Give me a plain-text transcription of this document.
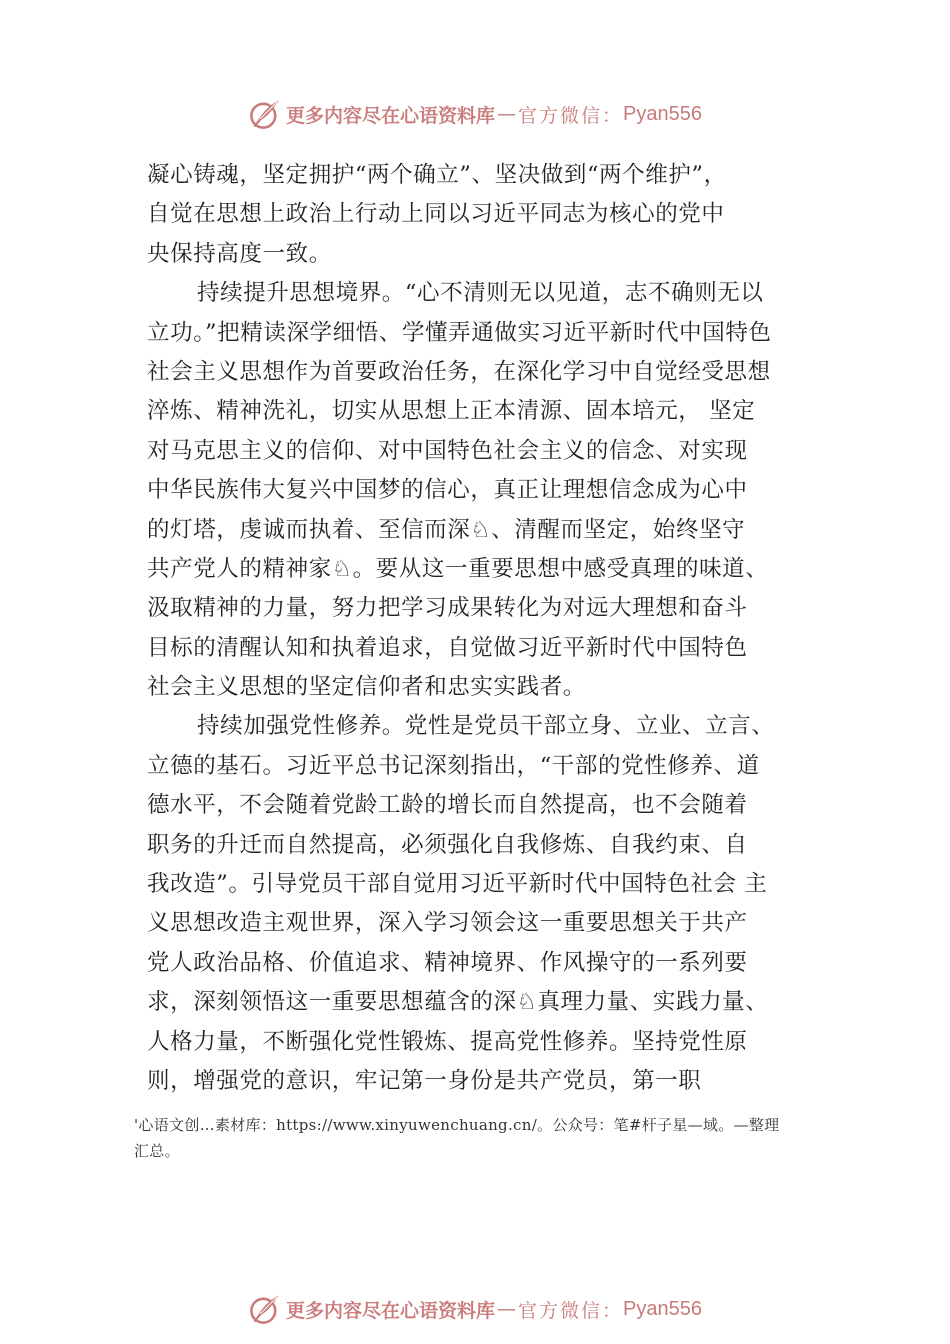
更多内容尽在心语资料库 — 官方微信： Pyan556
凝心铸魂，坚定拥护“两个确立”、坚决做到“两个维护”，
自觉在思想上政治上行动上同以习近平同志为核心的党中
央保持高度一致。
持续提升思想境界。“心不清则无以见道，志不确则无以
立功。”把精读深学细悟、学懂弄通做实习近平新时代中国特色
社会主义思想作为首要政治任务，在深化学习中自觉经受思想
淬炼、精神洗礼，切实从思想上正本清源、固本培元， 坚定
对马克思主义的信仰、对中国特色社会主义的信念、对实现
中华民族伟大复兴中国梦的信心，真正让理想信念成为心中
的灯塔，虔诚而执着、至信而深♘、清醒而坚定，始终坚守
共产党人的精神家♘。要从这一重要思想中感受真理的味道、
汲取精神的力量，努力把学习成果转化为对远大理想和奋斗
目标的清醒认知和执着追求，自觉做习近平新时代中国特色
社会主义思想的坚定信仰者和忠实实践者。
持续加强党性修养。党性是党员干部立身、立业、立言、
立德的基石。习近平总书记深刻指出，“干部的党性修养、道
德水平，不会随着党龄工龄的增长而自然提高，也不会随着
职务的升迁而自然提高，必须强化自我修炼、自我约束、自
我改造”。引导党员干部自觉用习近平新时代中国特色社会 主
义思想改造主观世界，深入学习领会这一重要思想关于共产
党人政治品格、价值追求、精神境界、作风操守的一系列要
求，深刻领悟这一重要思想蕴含的深♘真理力量、实践力量、
人格力量，不断强化党性锻炼、提高党性修养。坚持党性原
则，增强党的意识，牢记第一身份是共产党员，第一职
'心语文创…素材库：https://www.xinyuwenchuang.cn/。公众号：笔#杆子星—域。—整理
汇总。
更多内容尽在心语资料库 — 官方微信： Pyan556
